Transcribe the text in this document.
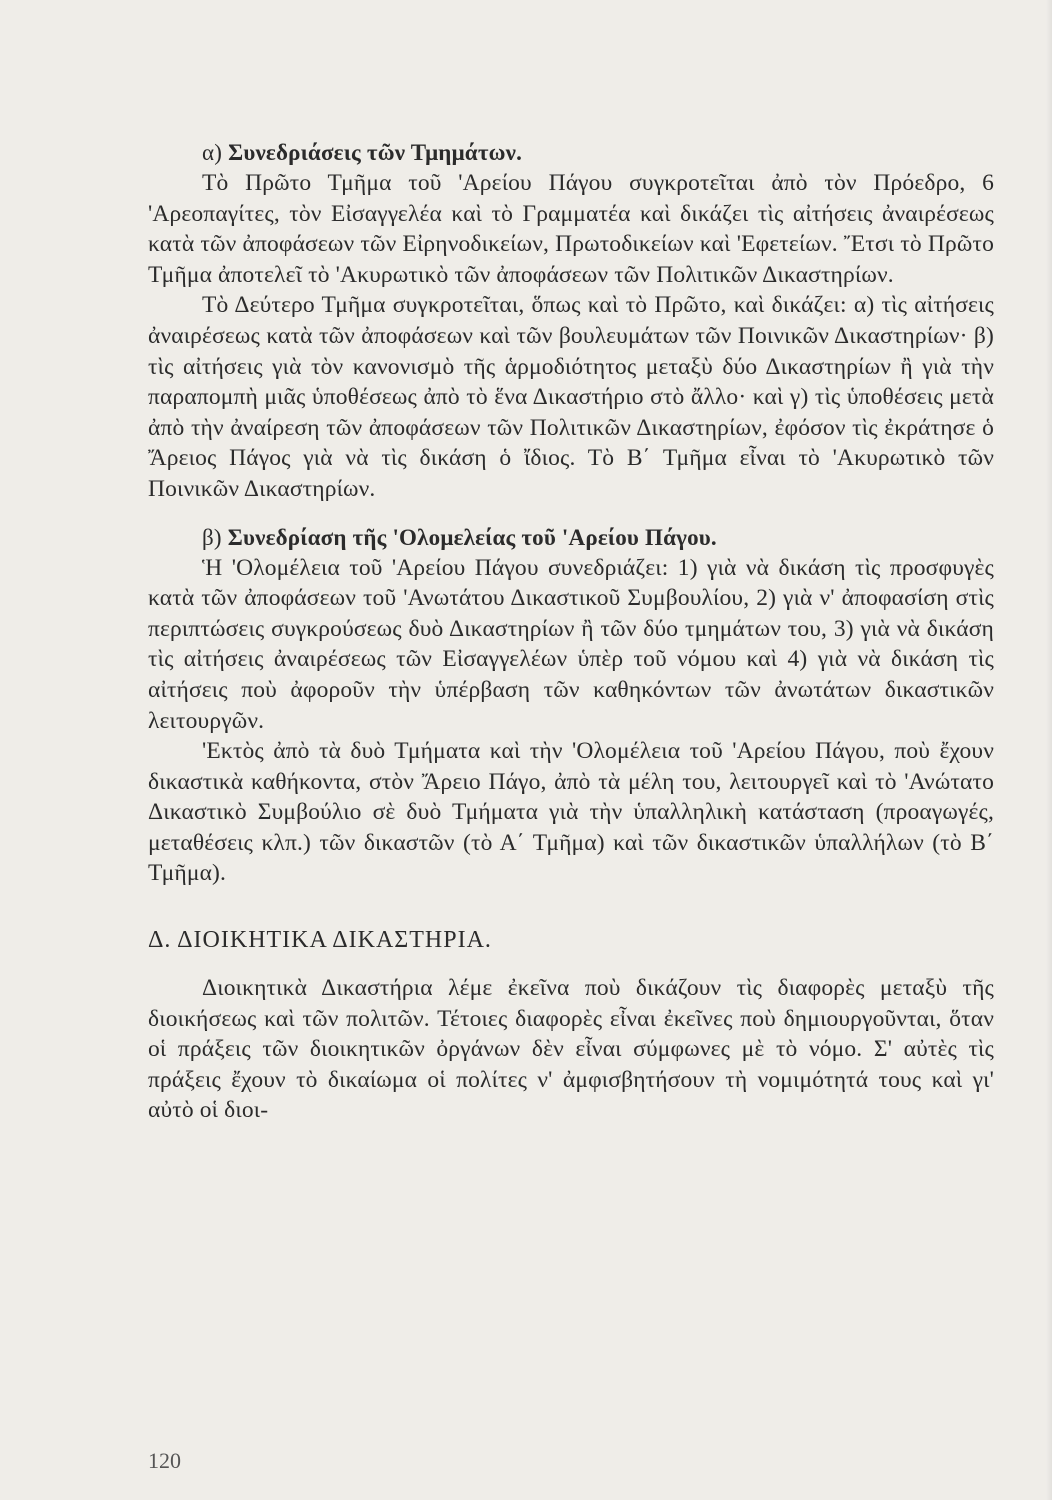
α) Συνεδριάσεις τῶν Τμημάτων.

Τὸ Πρῶτο Τμῆμα τοῦ 'Αρείου Πάγου συγκροτεῖται ἀπὸ τὸν Πρόεδρο, 6 'Αρεοπαγίτες, τὸν Εἰσαγγελέα καὶ τὸ Γραμματέα καὶ δικάζει τὶς αἰτήσεις ἀναιρέσεως κατὰ τῶν ἀποφάσεων τῶν Εἰρηνοδικείων, Πρωτοδικείων καὶ 'Εφετείων. Ἔτσι τὸ Πρῶτο Τμῆμα ἀποτελεῖ τὸ 'Ακυρωτικὸ τῶν ἀποφάσεων τῶν Πολιτικῶν Δικαστηρίων.

Τὸ Δεύτερο Τμῆμα συγκροτεῖται, ὅπως καὶ τὸ Πρῶτο, καὶ δικάζει: α) τὶς αἰτήσεις ἀναιρέσεως κατὰ τῶν ἀποφάσεων καὶ τῶν βουλευμάτων τῶν Ποινικῶν Δικαστηρίων· β) τὶς αἰτήσεις γιὰ τὸν κανονισμὸ τῆς ἁρμοδιότητος μεταξὺ δύο Δικαστηρίων ἢ γιὰ τὴν παραπομπὴ μιᾶς ὑποθέσεως ἀπὸ τὸ ἕνα Δικαστήριο στὸ ἄλλο· καὶ γ) τὶς ὑποθέσεις μετὰ ἀπὸ τὴν ἀναίρεση τῶν ἀποφάσεων τῶν Πολιτικῶν Δικαστηρίων, ἐφόσον τὶς ἐκράτησε ὁ Ἄρειος Πάγος γιὰ νὰ τὶς δικάση ὁ ἴδιος. Τὸ Β΄ Τμῆμα εἶναι τὸ 'Ακυρωτικὸ τῶν Ποινικῶν Δικαστηρίων.

β) Συνεδρίαση τῆς 'Ολομελείας τοῦ 'Αρείου Πάγου.

Ἡ 'Ολομέλεια τοῦ 'Αρείου Πάγου συνεδριάζει: 1) γιὰ νὰ δικάση τὶς προσφυγὲς κατὰ τῶν ἀποφάσεων τοῦ 'Ανωτάτου Δικαστικοῦ Συμβουλίου, 2) γιὰ ν' ἀποφασίση στὶς περιπτώσεις συγκρούσεως δυὸ Δικαστηρίων ἢ τῶν δύο τμημάτων του, 3) γιὰ νὰ δικάση τὶς αἰτήσεις ἀναιρέσεως τῶν Εἰσαγγελέων ὑπὲρ τοῦ νόμου καὶ 4) γιὰ νὰ δικάση τὶς αἰτήσεις ποὺ ἀφοροῦν τὴν ὑπέρβαση τῶν καθηκόντων τῶν ἀνωτάτων δικαστικῶν λειτουργῶν.

'Εκτὸς ἀπὸ τὰ δυὸ Τμήματα καὶ τὴν 'Ολομέλεια τοῦ 'Αρείου Πάγου, ποὺ ἔχουν δικαστικὰ καθήκοντα, στὸν Ἄρειο Πάγο, ἀπὸ τὰ μέλη του, λειτουργεῖ καὶ τὸ 'Ανώτατο Δικαστικὸ Συμβούλιο σὲ δυὸ Τμήματα γιὰ τὴν ὑπαλληλικὴ κατάσταση (προαγωγές, μεταθέσεις κλπ.) τῶν δικαστῶν (τὸ Α΄ Τμῆμα) καὶ τῶν δικαστικῶν ὑπαλλήλων (τὸ Β΄ Τμῆμα).

Δ. ΔΙΟΙΚΗΤΙΚΑ ΔΙΚΑΣΤΗΡΙΑ.

Διοικητικὰ Δικαστήρια λέμε ἐκεῖνα ποὺ δικάζουν τὶς διαφορὲς μεταξὺ τῆς διοικήσεως καὶ τῶν πολιτῶν. Τέτοιες διαφορὲς εἶναι ἐκεῖνες ποὺ δημιουργοῦνται, ὅταν οἱ πράξεις τῶν διοικητικῶν ὀργάνων δὲν εἶναι σύμφωνες μὲ τὸ νόμο. Σ' αὐτὲς τὶς πράξεις ἔχουν τὸ δικαίωμα οἱ πολίτες ν' ἀμφισβητήσουν τὴ νομιμότητά τους καὶ γι' αὐτὸ οἱ διοι-

120
